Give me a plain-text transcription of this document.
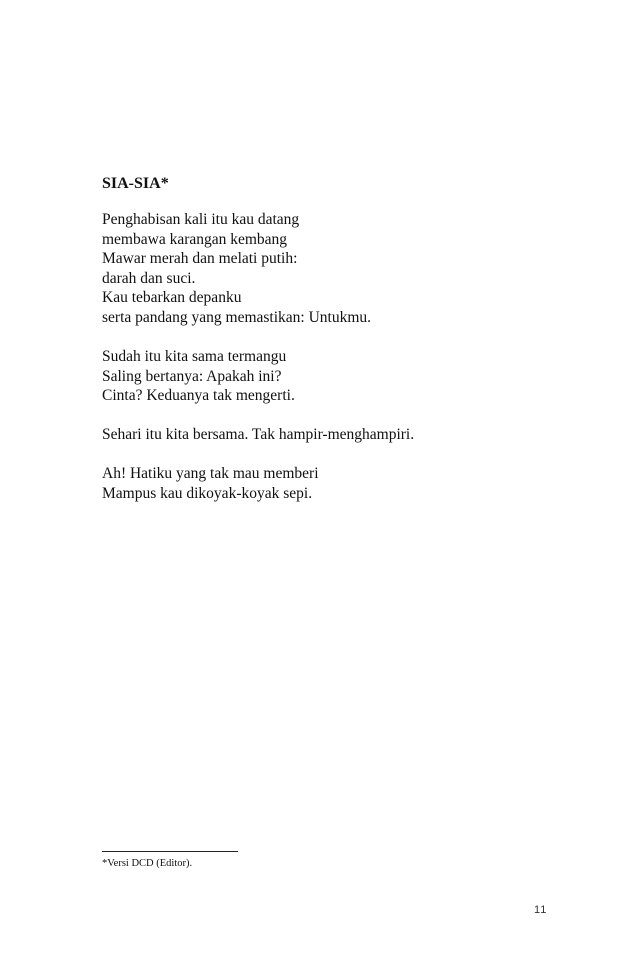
SIA-SIA*

Penghabisan kali itu kau datang
membawa karangan kembang
Mawar merah dan melati putih:
darah dan suci.
Kau tebarkan depanku
serta pandang yang memastikan: Untukmu.

Sudah itu kita sama termangu
Saling bertanya: Apakah ini?
Cinta? Keduanya tak mengerti.

Sehari itu kita bersama. Tak hampir-menghampiri.

Ah! Hatiku yang tak mau memberi
Mampus kau dikoyak-koyak sepi.

*Versi DCD (Editor).

11
